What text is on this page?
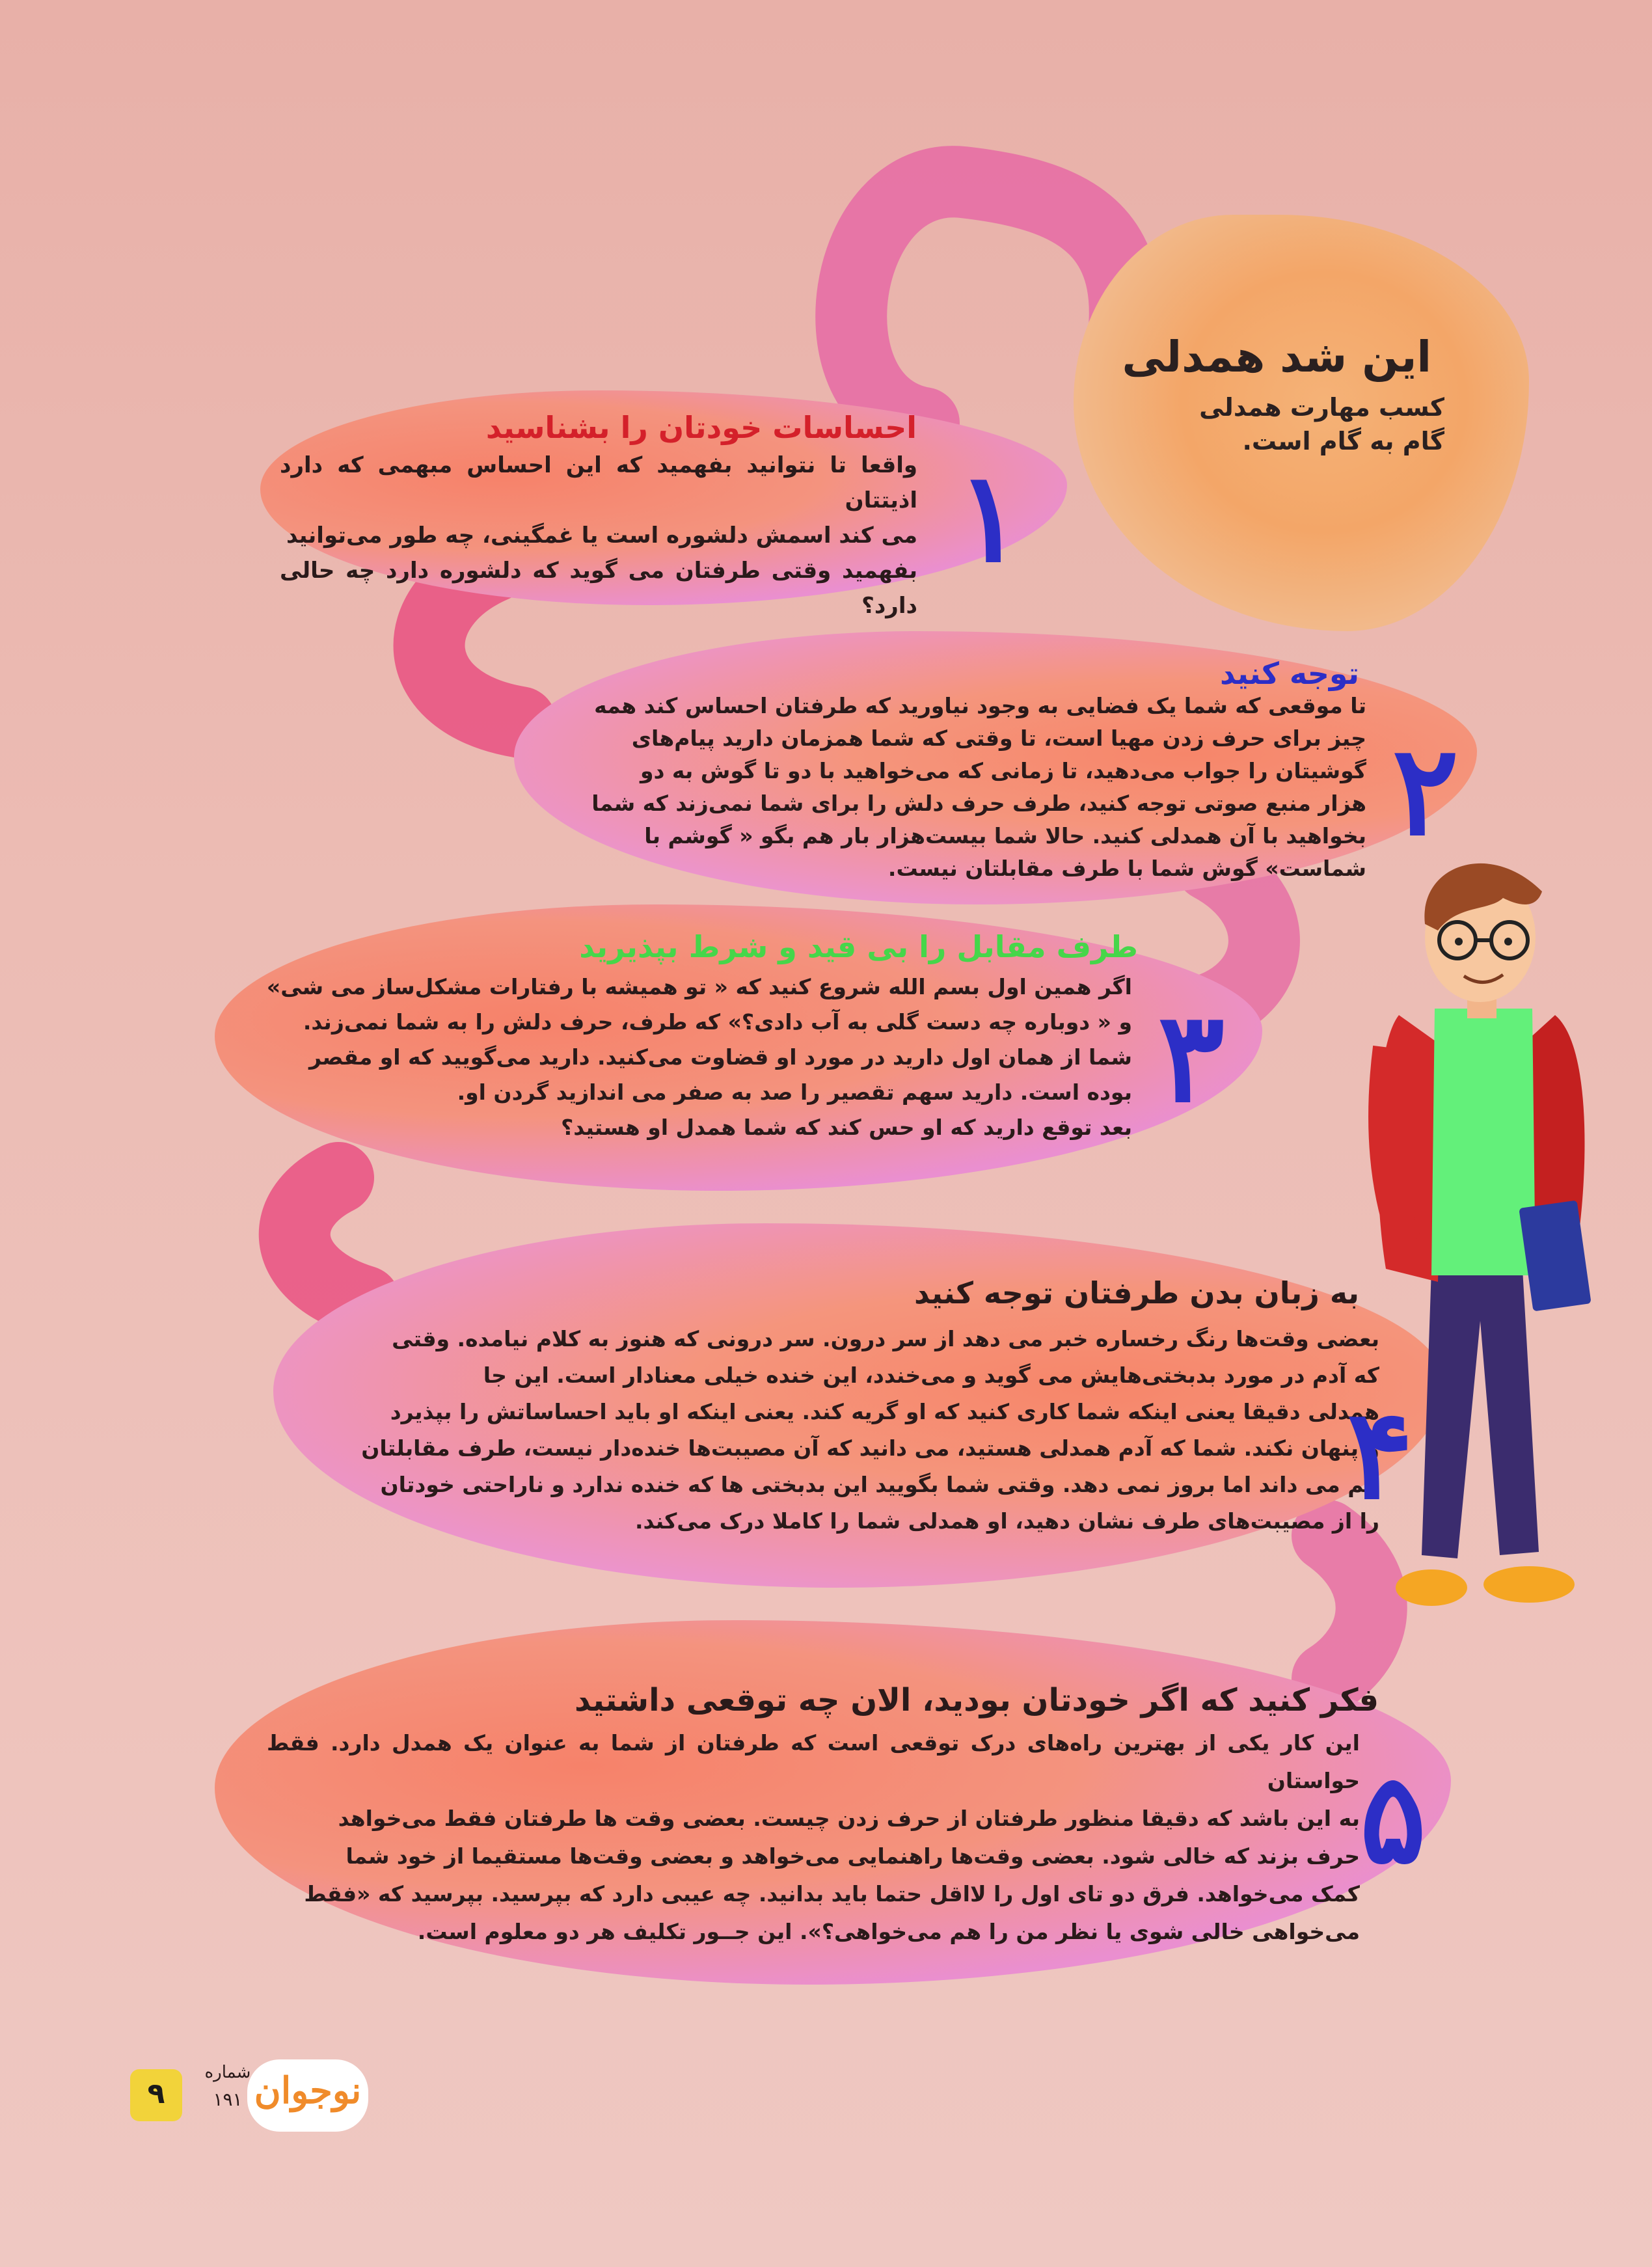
این شد همدلی
کسب مهارت همدلی
گام به گام است.
احساسات خودتان را بشناسید
واقعا تا نتوانید بفهمید که این احساس مبهمی که دارد اذیتتان
می کند اسمش دلشوره است یا غمگینی، چه طور می‌توانید
بفهمید وقتی طرفتان می گوید که دلشوره دارد چه حالی دارد؟
۱
توجه کنید
تا موقعی که شما یک فضایی به وجود نیاورید که طرفتان احساس کند همه
چیز برای حرف زدن مهیا است، تا وقتی که شما همزمان دارید پیام‌های
گوشیتان را جواب می‌دهید، تا زمانی که می‌خواهید با دو تا گوش به دو
هزار منبع صوتی توجه کنید، طرف حرف دلش را برای شما نمی‌زند که شما
بخواهید با آن همدلی کنید. حالا شما بیست‌هزار بار هم بگو « گوشم با
شماست» گوش شما با طرف مقابلتان نیست.
۲
طرف مقابل را بی قید و شرط بپذیرید
اگر همین اول بسم الله شروع کنید که « تو همیشه با رفتارات مشکل‌ساز می شی»
و « دوباره چه دست گلی به آب دادی؟» که طرف، حرف دلش را به شما نمی‌زند.
شما از همان اول دارید در مورد او قضاوت می‌کنید. دارید می‌گویید که او مقصر
بوده است. دارید سهم تقصیر را صد به صفر می اندازید گردن او.
بعد توقع دارید که او حس کند که شما همدل او هستید؟ ۳
به زبان بدن طرفتان توجه کنید
بعضی وقت‌ها رنگ رخساره خبر می دهد از سر درون. سر درونی که هنوز به کلام نیامده. وقتی
که آدم در مورد بدبختی‌هایش می گوید و می‌خندد، این خنده خیلی معنادار است. این جا
همدلی دقیقا یعنی اینکه شما کاری کنید که او گریه کند. یعنی اینکه او باید احساساتش را بپذیرد
و پنهان نکند. شما که آدم همدلی هستید، می دانید که آن مصیبت‌ها خنده‌دار نیست، طرف مقابلتان
هم می داند اما بروز نمی دهد. وقتی شما بگویید این بدبختی ها که خنده ندارد و ناراحتی خودتان
را از مصیبت‌های طرف نشان دهید، او همدلی شما را کاملا درک می‌کند.
۴
فکر کنید که اگر خودتان بودید، الان چه توقعی داشتید
این کار یکی از بهترین راه‌های درک توقعی است که طرفتان از شما به عنوان یک همدل دارد. فقط حواستان
به این باشد که دقیقا منظور طرفتان از حرف زدن چیست. بعضی وقت ها طرفتان فقط می‌خواهد
حرف بزند که خالی شود. بعضی وقت‌ها راهنمایی می‌خواهد و بعضی وقت‌ها مستقیما از خود شما
کمک می‌خواهد. فرق دو تای اول را لااقل حتما باید بدانید. چه عیبی دارد که بپرسید. بپرسید که «فقط
می‌خواهی خالی شوی یا نظر من را هم می‌خواهی؟». این جــور تکلیف هر دو معلوم است.
۵
نوجوان
شماره
۱۹۱
۹
